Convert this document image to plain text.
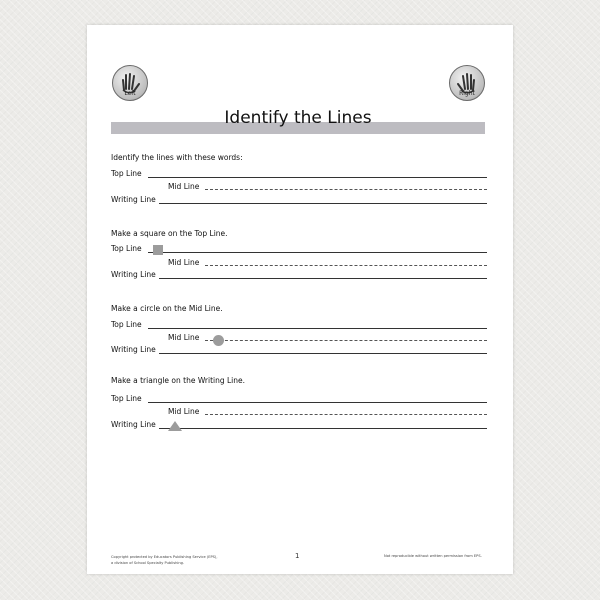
Left	Right
Identify the Lines
Identify the lines with these words:
Top Line
Mid Line
Writing Line
Make a square on the Top Line.
Top Line
Mid Line
Writing Line
Make a circle on the Mid Line.
Top Line
Mid Line
Writing Line
Make a triangle on the Writing Line.
Top Line
Mid Line
Writing Line
Copyright protected by Educators Publishing Service (EPS),
a division of School Specialty Publishing.
1	Not reproducible without written permission from EPS.
